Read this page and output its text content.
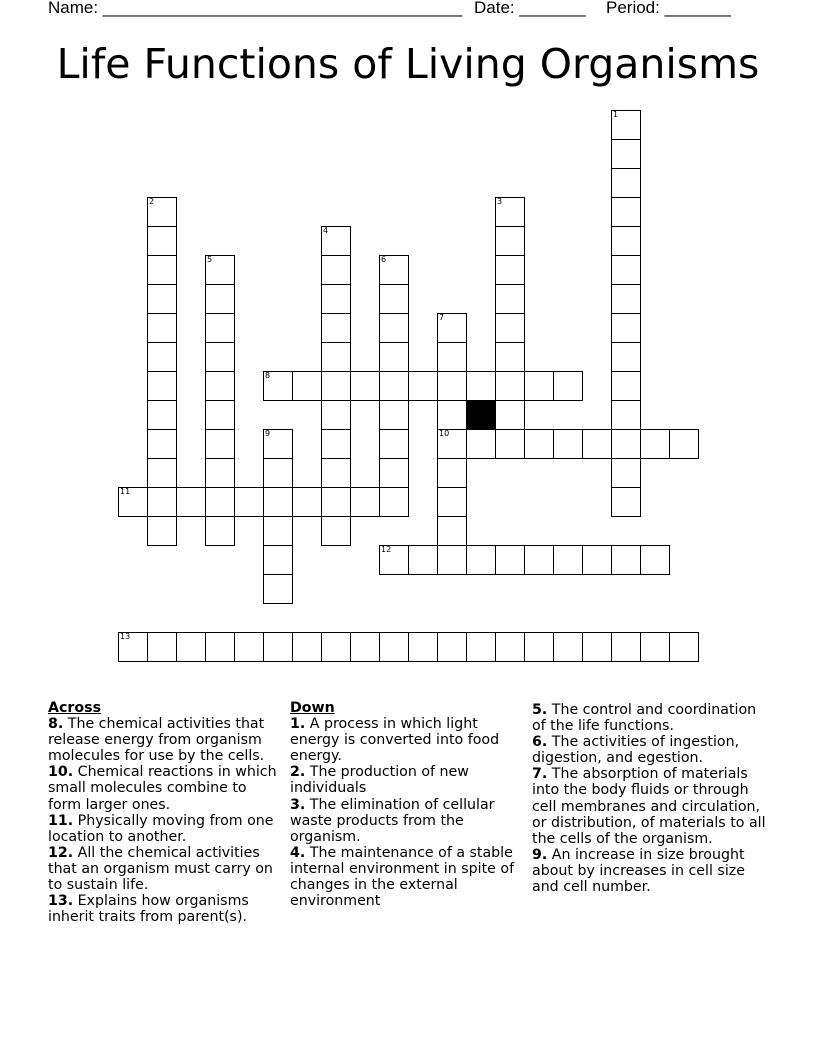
Name: ______________________________________ Date: _______ Period: _______
Life Functions of Living Organisms
1
2	3
4
5	6
7
10
8
9
11
12
13
Across

8. The chemical activities that release energy from organism molecules for use by the cells.

10. Chemical reactions in which small molecules combine to form larger ones.

11. Physically moving from one location to another.

12. All the chemical activities that an organism must carry on to sustain life.

13. Explains how organisms inherit traits from parent(s).

Down

1. A process in which light energy is converted into food energy.

2. The production of new individuals

3. The elimination of cellular waste products from the organism.

4. The maintenance of a stable internal environment in spite of changes in the external environment

5. The control and coordination of the life functions.

6. The activities of ingestion, digestion, and egestion.

7. The absorption of materials into the body fluids or through cell membranes and circulation, or distribution, of materials to all the cells of the organism.

9. An increase in size brought about by increases in cell size and cell number.
